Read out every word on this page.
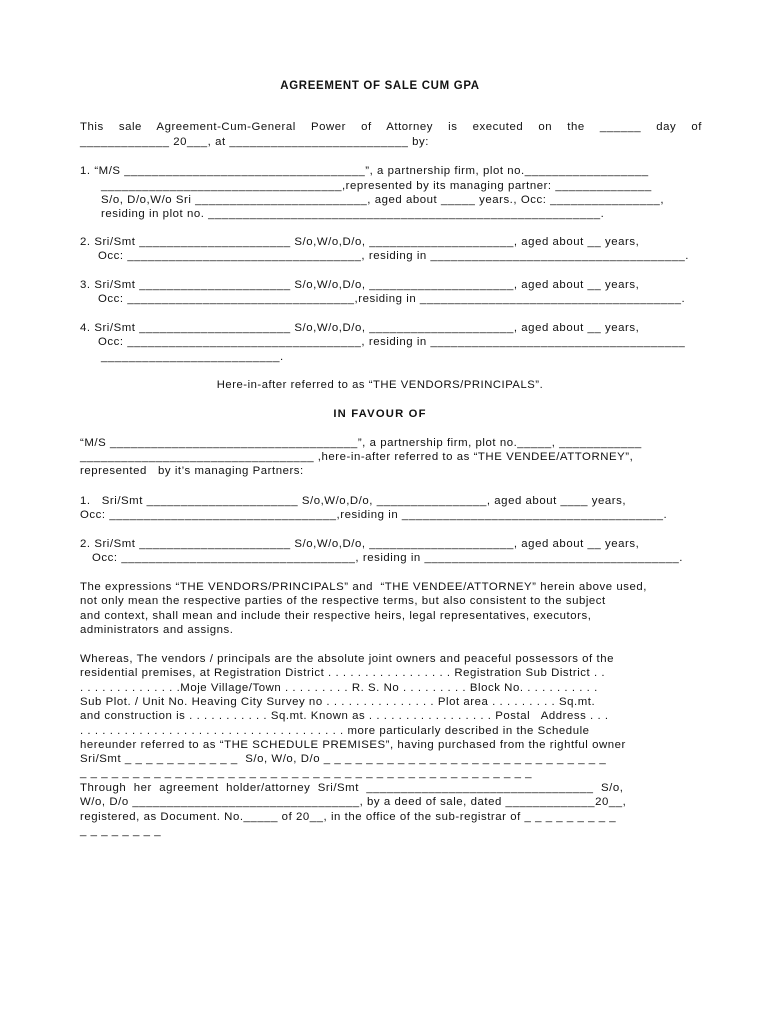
AGREEMENT OF SALE CUM GPA
This  sale  Agreement-Cum-General  Power  of  Attorney  is  executed  on  the  ______  day  of
_____________ 20___, at __________________________ by:
1. “M/S ___________________________________”, a partnership firm, plot no.__________________
___________________________________,represented by its managing partner: ______________
S/o, D/o,W/o Sri _________________________, aged about _____ years., Occ: ________________,
residing in plot no. _________________________________________________________.
2. Sri/Smt ______________________ S/o,W/o,D/o, _____________________, aged about __ years,
Occ: __________________________________, residing in _____________________________________.
3. Sri/Smt ______________________ S/o,W/o,D/o, _____________________, aged about __ years,
Occ: _________________________________,residing in ______________________________________.
4. Sri/Smt ______________________ S/o,W/o,D/o, _____________________, aged about __ years,
Occ: __________________________________, residing in _____________________________________
__________________________.
Here-in-after referred to as “THE VENDORS/PRINCIPALS”.
IN FAVOUR OF
“M/S ____________________________________”, a partnership firm, plot no._____, ____________
__________________________________ ,here-in-after referred to as “THE VENDEE/ATTORNEY”,
represented   by it’s managing Partners:
1.   Sri/Smt ______________________ S/o,W/o,D/o, ________________, aged about ____ years,
Occ: _________________________________,residing in ______________________________________.
2. Sri/Smt ______________________ S/o,W/o,D/o, _____________________, aged about __ years,
Occ: __________________________________, residing in _____________________________________.
The expressions “THE VENDORS/PRINCIPALS” and  “THE VENDEE/ATTORNEY” herein above used,
not only mean the respective parties of the respective terms, but also consistent to the subject
and context, shall mean and include their respective heirs, legal representatives, executors,
administrators and assigns.
Whereas, The vendors / principals are the absolute joint owners and peaceful possessors of the
residential premises, at Registration District . . . . . . . . . . . . . . . . . Registration Sub District . .
. . . . . . . . . . . . . .Moje Village/Town . . . . . . . . . R. S. No . . . . . . . . . Block No. . . . . . . . . . .
Sub Plot. / Unit No. Heaving City Survey no . . . . . . . . . . . . . . . Plot area . . . . . . . . . Sq.mt.
and construction is . . . . . . . . . . . Sq.mt. Known as . . . . . . . . . . . . . . . . . Postal   Address . . .
. . . . . . . . . . . . . . . . . . . . . . . . . . . . . . . . . . . . more particularly described in the Schedule
hereunder referred to as “THE SCHEDULE PREMISES”, having purchased from the rightful owner
Sri/Smt _ _ _ _ _ _ _ _ _ _ _  S/o, W/o, D/o _ _ _ _ _ _ _ _ _ _ _ _ _ _ _ _ _ _ _ _ _ _ _ _ _ _ _
_ _ _ _ _ _ _ _ _ _ _ _ _ _ _ _ _ _ _ _ _ _ _ _ _ _ _ _ _ _ _ _ _ _ _ _ _ _ _ _ _ _ _
Through  her  agreement  holder/attorney  Sri/Smt  _________________________________  S/o,
W/o, D/o _________________________________, by a deed of sale, dated _____________20__,
registered, as Document. No._____ of 20__, in the office of the sub-registrar of _ _ _ _ _ _ _ _ _
_ _ _ _ _ _ _ _
